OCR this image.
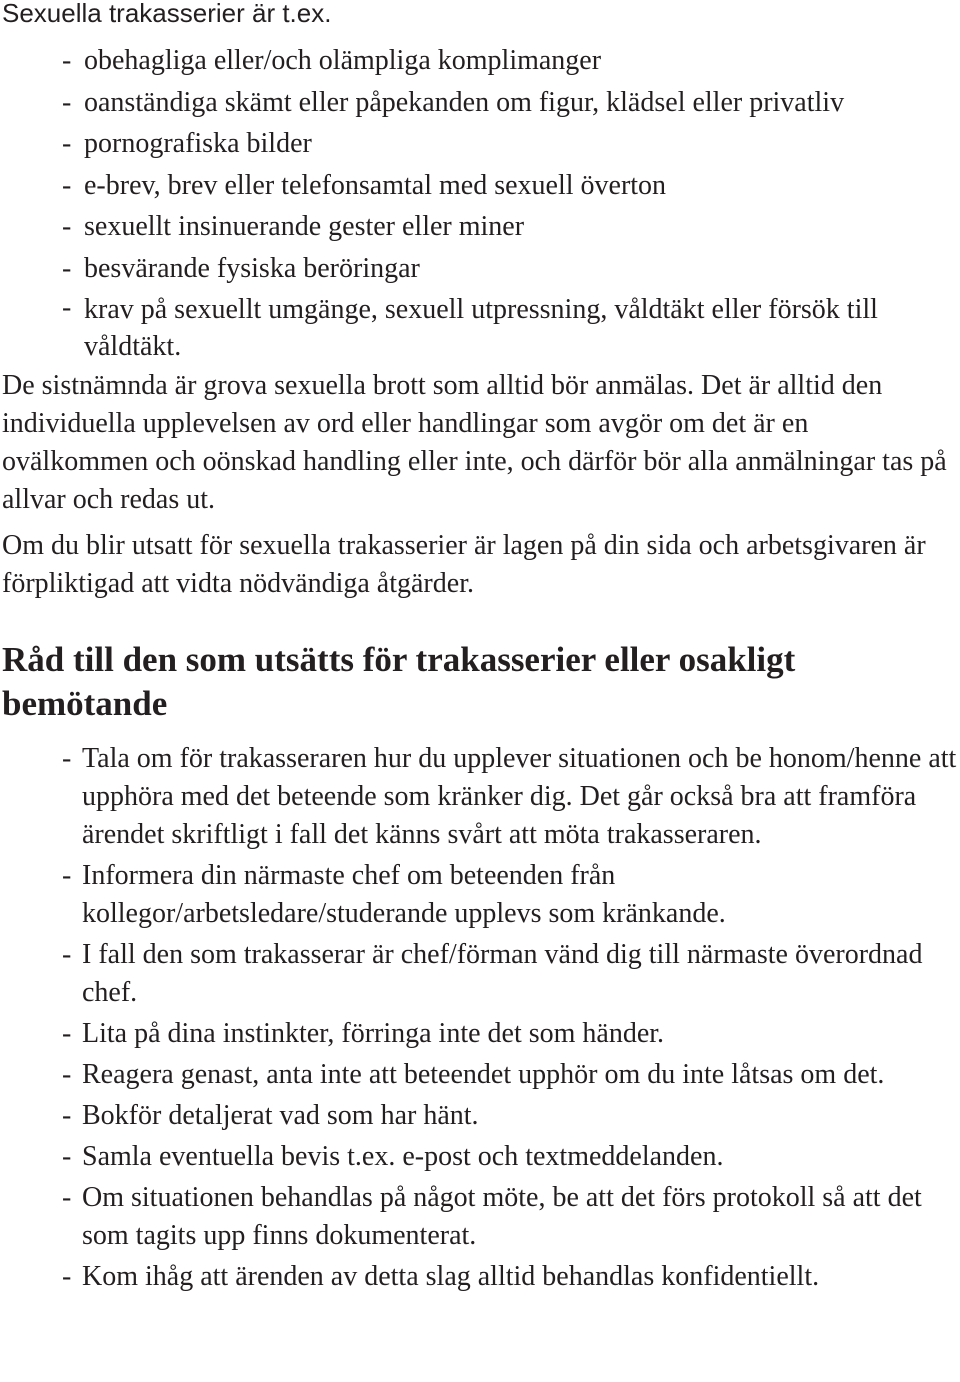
Sexuella trakasserier är t.ex.

- obehagliga eller/och olämpliga komplimanger
- oanständiga skämt eller påpekanden om figur, klädsel eller privatliv
- pornografiska bilder
- e-brev, brev eller telefonsamtal med sexuell överton
- sexuellt insinuerande gester eller miner
- besvärande fysiska beröringar
- krav på sexuellt umgänge, sexuell utpressning, våldtäkt eller försök till våldtäkt.

De sistnämnda är grova sexuella brott som alltid bör anmälas. Det är alltid den individuella upplevelsen av ord eller handlingar som avgör om det är en ovälkommen och oönskad handling eller inte, och därför bör alla anmälningar tas på allvar och redas ut.

Om du blir utsatt för sexuella trakasserier är lagen på din sida och arbetsgivaren är förpliktigad att vidta nödvändiga åtgärder.

Råd till den som utsätts för trakasserier eller osakligt bemötande
- Tala om för trakasseraren hur du upplever situationen och be honom/henne att upphöra med det beteende som kränker dig. Det går också bra att framföra ärendet skriftligt i fall det känns svårt att möta trakasseraren.
- Informera din närmaste chef om beteenden från kollegor/arbetsledare/studerande upplevs som kränkande.
- I fall den som trakasserar är chef/förman vänd dig till närmaste överordnad chef.
- Lita på dina instinkter, förringa inte det som händer.
- Reagera genast, anta inte att beteendet upphör om du inte låtsas om det.
- Bokför detaljerat vad som har hänt.
- Samla eventuella bevis t.ex. e-post och textmeddelanden.
- Om situationen behandlas på något möte, be att det förs protokoll så att det som tagits upp finns dokumenterat.
- Kom ihåg att ärenden av detta slag alltid behandlas konfidentiellt.
